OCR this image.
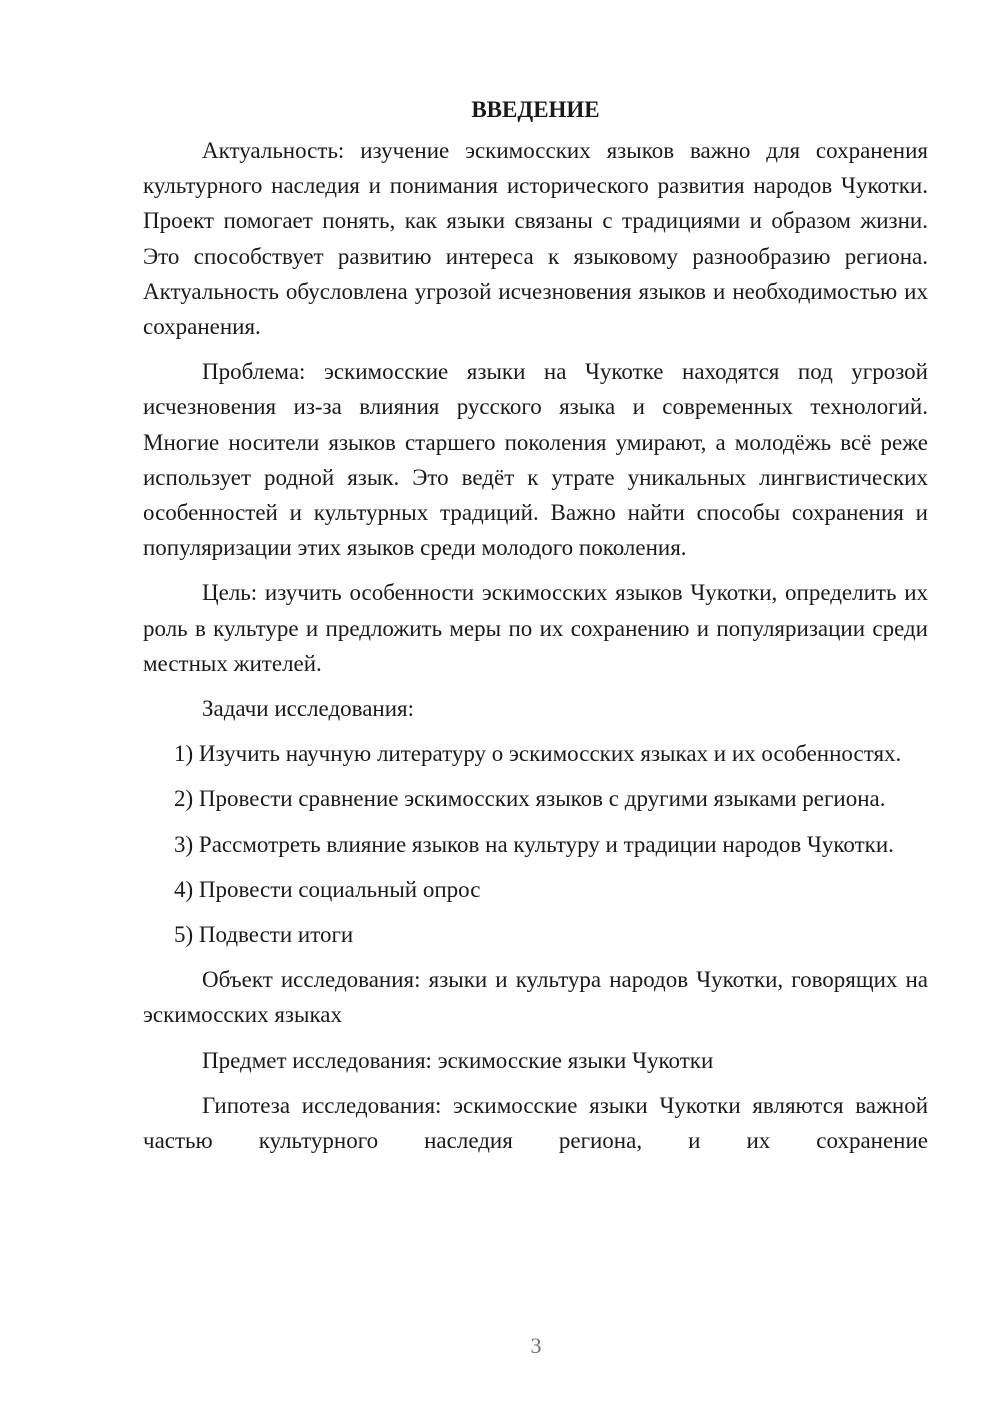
ВВЕДЕНИЕ

Актуальность: изучение эскимосских языков важно для сохранения культурного наследия и понимания исторического развития народов Чукотки. Проект помогает понять, как языки связаны с традициями и образом жизни. Это способствует развитию интереса к языковому разнообразию региона. Актуальность обусловлена угрозой исчезновения языков и необходимостью их сохранения.

Проблема: эскимосские языки на Чукотке находятся под угрозой исчезновения из-за влияния русского языка и современных технологий. Многие носители языков старшего поколения умирают, а молодёжь всё реже использует родной язык. Это ведёт к утрате уникальных лингвистических особенностей и культурных традиций. Важно найти способы сохранения и популяризации этих языков среди молодого поколения.

Цель: изучить особенности эскимосских языков Чукотки, определить их роль в культуре и предложить меры по их сохранению и популяризации среди местных жителей.

Задачи исследования:

1) Изучить научную литературу о эскимосских языках и их особенностях.

2) Провести сравнение эскимосских языков с другими языками региона.

3) Рассмотреть влияние языков на культуру и традиции народов Чукотки.

4) Провести социальный опрос

5) Подвести итоги

Объект исследования: языки и культура народов Чукотки, говорящих на эскимосских языках

Предмет исследования: эскимосские языки Чукотки

Гипотеза исследования: эскимосские языки Чукотки являются важной частью культурного наследия региона, и их сохранение

3
